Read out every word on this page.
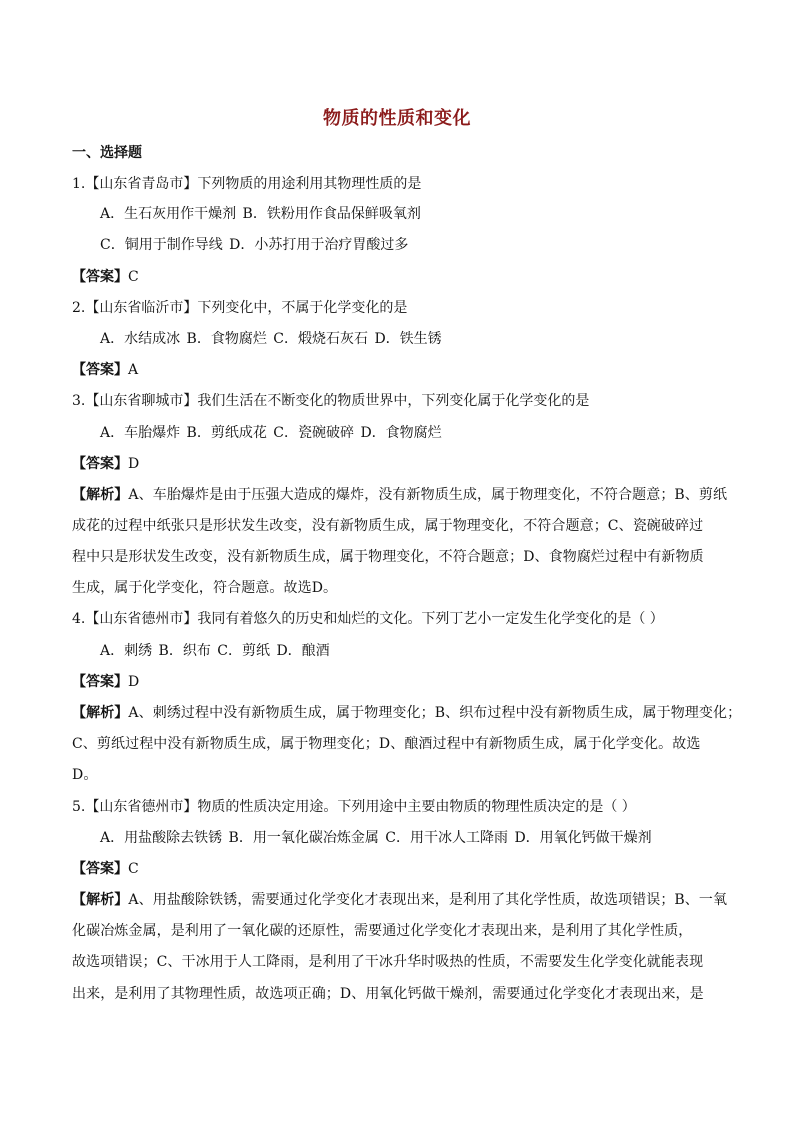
物质的性质和变化
一、选择题
1.【山东省青岛市】下列物质的用途利用其物理性质的是
A．生石灰用作干燥剂 B．铁粉用作食品保鲜吸氧剂
C．铜用于制作导线 D．小苏打用于治疗胃酸过多
【答案】C
2.【山东省临沂市】下列变化中，不属于化学变化的是
A．水结成冰 B．食物腐烂 C．煅烧石灰石 D．铁生锈
【答案】A
3.【山东省聊城市】我们生活在不断变化的物质世界中，下列变化属于化学变化的是
A．车胎爆炸 B．剪纸成花 C．瓷碗破碎 D．食物腐烂
【答案】D
【解析】A、车胎爆炸是由于压强大造成的爆炸，没有新物质生成，属于物理变化，不符合题意；B、剪纸
成花的过程中纸张只是形状发生改变，没有新物质生成，属于物理变化，不符合题意；C、瓷碗破碎过
程中只是形状发生改变，没有新物质生成，属于物理变化，不符合题意；D、食物腐烂过程中有新物质
生成，属于化学变化，符合题意。故选D。
4.【山东省德州市】我同有着悠久的历史和灿烂的文化。下列丁艺小一定发生化学变化的是（ ）
A．刺绣 B．织布 C．剪纸 D．酿酒
【答案】D
【解析】A、刺绣过程中没有新物质生成，属于物理变化；B、织布过程中没有新物质生成，属于物理变化；
C、剪纸过程中没有新物质生成，属于物理变化；D、酿酒过程中有新物质生成，属于化学变化。故选
D。
5.【山东省德州市】物质的性质决定用途。下列用途中主要由物质的物理性质决定的是（ ）
A．用盐酸除去铁锈 B．用一氧化碳冶炼金属 C．用干冰人工降雨 D．用氧化钙做干燥剂
【答案】C
【解析】A、用盐酸除铁锈，需要通过化学变化才表现出来，是利用了其化学性质，故选项错误；B、一氧
化碳冶炼金属，是利用了一氧化碳的还原性，需要通过化学变化才表现出来，是利用了其化学性质，
故选项错误；C、干冰用于人工降雨，是利用了干冰升华时吸热的性质，不需要发生化学变化就能表现
出来，是利用了其物理性质，故选项正确；D、用氧化钙做干燥剂，需要通过化学变化才表现出来，是
